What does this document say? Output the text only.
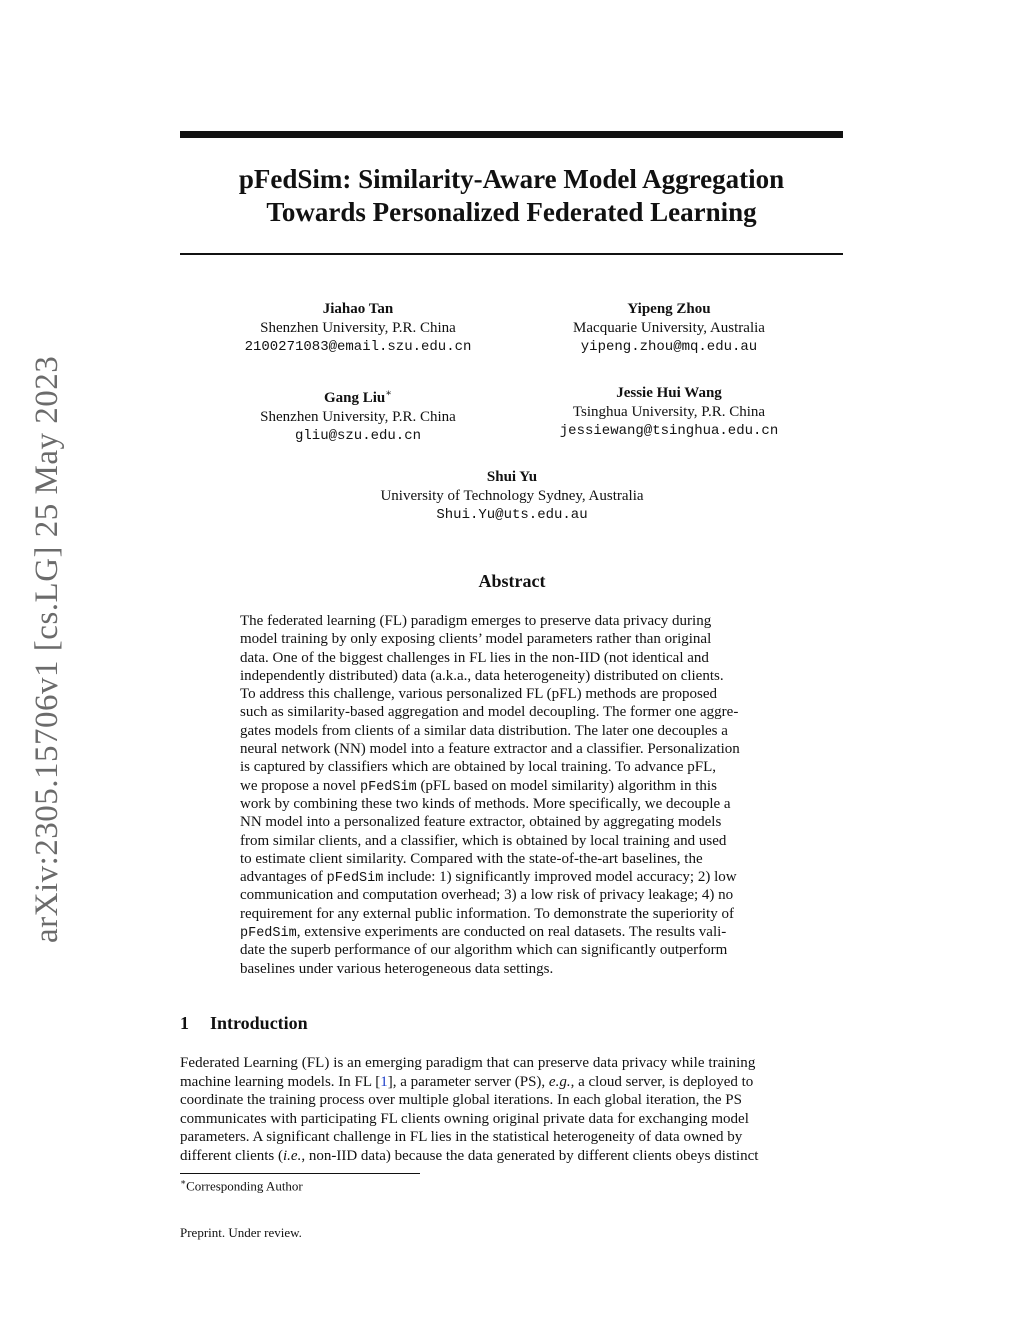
arXiv:2305.15706v1 [cs.LG] 25 May 2023
pFedSim: Similarity-Aware Model Aggregation
Towards Personalized Federated Learning
Jiahao Tan
Shenzhen University, P.R. China
2100271083@email.szu.edu.cn
Yipeng Zhou
Macquarie University, Australia
yipeng.zhou@mq.edu.au
Gang Liu∗
Shenzhen University, P.R. China
gliu@szu.edu.cn
Jessie Hui Wang
Tsinghua University, P.R. China
jessiewang@tsinghua.edu.cn
Shui Yu
University of Technology Sydney, Australia
Shui.Yu@uts.edu.au
Abstract
The federated learning (FL) paradigm emerges to preserve data privacy during
model training by only exposing clients’ model parameters rather than original
data. One of the biggest challenges in FL lies in the non-IID (not identical and
independently distributed) data (a.k.a., data heterogeneity) distributed on clients.
To address this challenge, various personalized FL (pFL) methods are proposed
such as similarity-based aggregation and model decoupling. The former one aggre-
gates models from clients of a similar data distribution. The later one decouples a
neural network (NN) model into a feature extractor and a classifier. Personalization
is captured by classifiers which are obtained by local training. To advance pFL,
we propose a novel pFedSim (pFL based on model similarity) algorithm in this
work by combining these two kinds of methods. More specifically, we decouple a
NN model into a personalized feature extractor, obtained by aggregating models
from similar clients, and a classifier, which is obtained by local training and used
to estimate client similarity. Compared with the state-of-the-art baselines, the
advantages of pFedSim include: 1) significantly improved model accuracy; 2) low
communication and computation overhead; 3) a low risk of privacy leakage; 4) no
requirement for any external public information. To demonstrate the superiority of
pFedSim, extensive experiments are conducted on real datasets. The results vali-
date the superb performance of our algorithm which can significantly outperform
baselines under various heterogeneous data settings.
1 Introduction
Federated Learning (FL) is an emerging paradigm that can preserve data privacy while training
machine learning models. In FL [1], a parameter server (PS), e.g., a cloud server, is deployed to
coordinate the training process over multiple global iterations. In each global iteration, the PS
communicates with participating FL clients owning original private data for exchanging model
parameters. A significant challenge in FL lies in the statistical heterogeneity of data owned by
different clients (i.e., non-IID data) because the data generated by different clients obeys distinct
∗Corresponding Author
Preprint. Under review.
